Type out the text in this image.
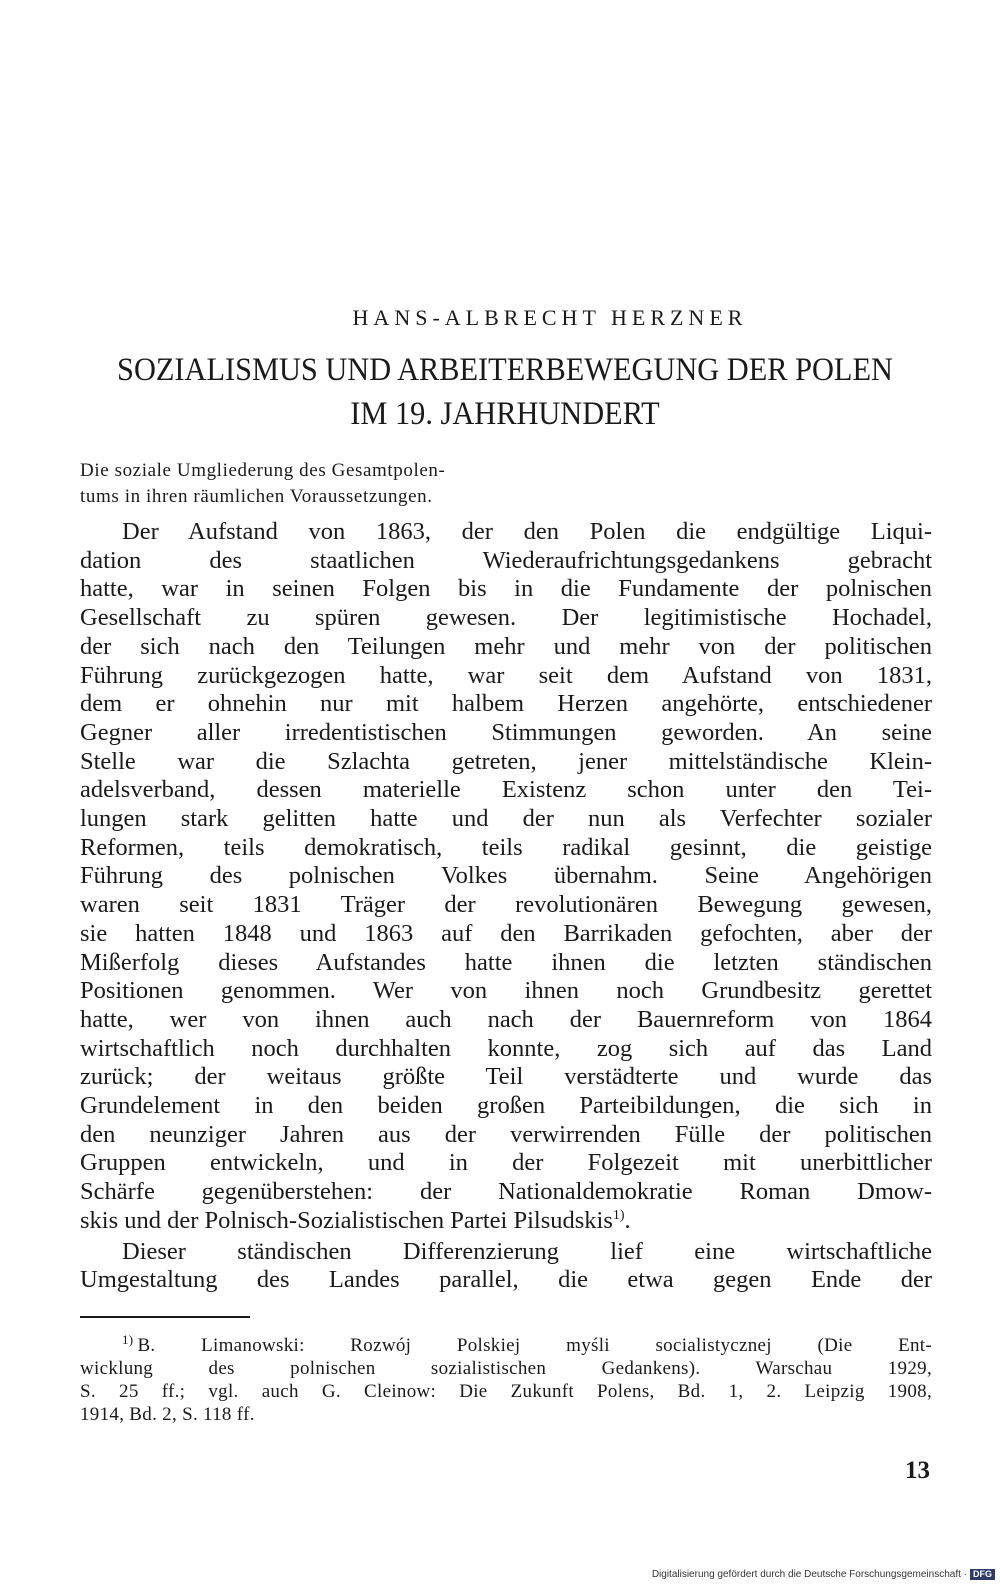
HANS-ALBRECHT HERZNER
SOZIALISMUS UND ARBEITERBEWEGUNG DER POLEN
IM 19. JAHRHUNDERT
Die soziale Umgliederung des Gesamtpolen-
tums in ihren räumlichen Voraussetzungen.

Der Aufstand von 1863, der den Polen die endgültige Liqui-
dation des staatlichen Wiederaufrichtungsgedankens gebracht
hatte, war in seinen Folgen bis in die Fundamente der polnischen
Gesellschaft zu spüren gewesen. Der legitimistische Hochadel,
der sich nach den Teilungen mehr und mehr von der politischen
Führung zurückgezogen hatte, war seit dem Aufstand von 1831,
dem er ohnehin nur mit halbem Herzen angehörte, entschiedener
Gegner aller irredentistischen Stimmungen geworden. An seine
Stelle war die Szlachta getreten, jener mittelständische Klein-
adelsverband, dessen materielle Existenz schon unter den Tei-
lungen stark gelitten hatte und der nun als Verfechter sozialer
Reformen, teils demokratisch, teils radikal gesinnt, die geistige
Führung des polnischen Volkes übernahm. Seine Angehörigen
waren seit 1831 Träger der revolutionären Bewegung gewesen,
sie hatten 1848 und 1863 auf den Barrikaden gefochten, aber der
Mißerfolg dieses Aufstandes hatte ihnen die letzten ständischen
Positionen genommen. Wer von ihnen noch Grundbesitz gerettet
hatte, wer von ihnen auch nach der Bauernreform von 1864
wirtschaftlich noch durchhalten konnte, zog sich auf das Land
zurück; der weitaus größte Teil verstädterte und wurde das
Grundelement in den beiden großen Parteibildungen, die sich in
den neunziger Jahren aus der verwirrenden Fülle der politischen
Gruppen entwickeln, und in der Folgezeit mit unerbittlicher
Schärfe gegenüberstehen: der Nationaldemokratie Roman Dmow-
skis und der Polnisch-Sozialistischen Partei Pilsudskis$^{1)}$.

Dieser ständischen Differenzierung lief eine wirtschaftliche
Umgestaltung des Landes parallel, die etwa gegen Ende der

$^{1)}$ B. Limanowski: Rozwój Polskiej myśli socialistycznej (Die Ent-
wicklung des polnischen sozialistischen Gedankens). Warschau 1929,
S. 25 ff.; vgl. auch G. Cleinow: Die Zukunft Polens, Bd. 1, 2. Leipzig 1908,
1914, Bd. 2, S. 118 ff.
13
Digitalisierung gefördert durch die Deutsche Forschungsgemeinschaft · DFG
